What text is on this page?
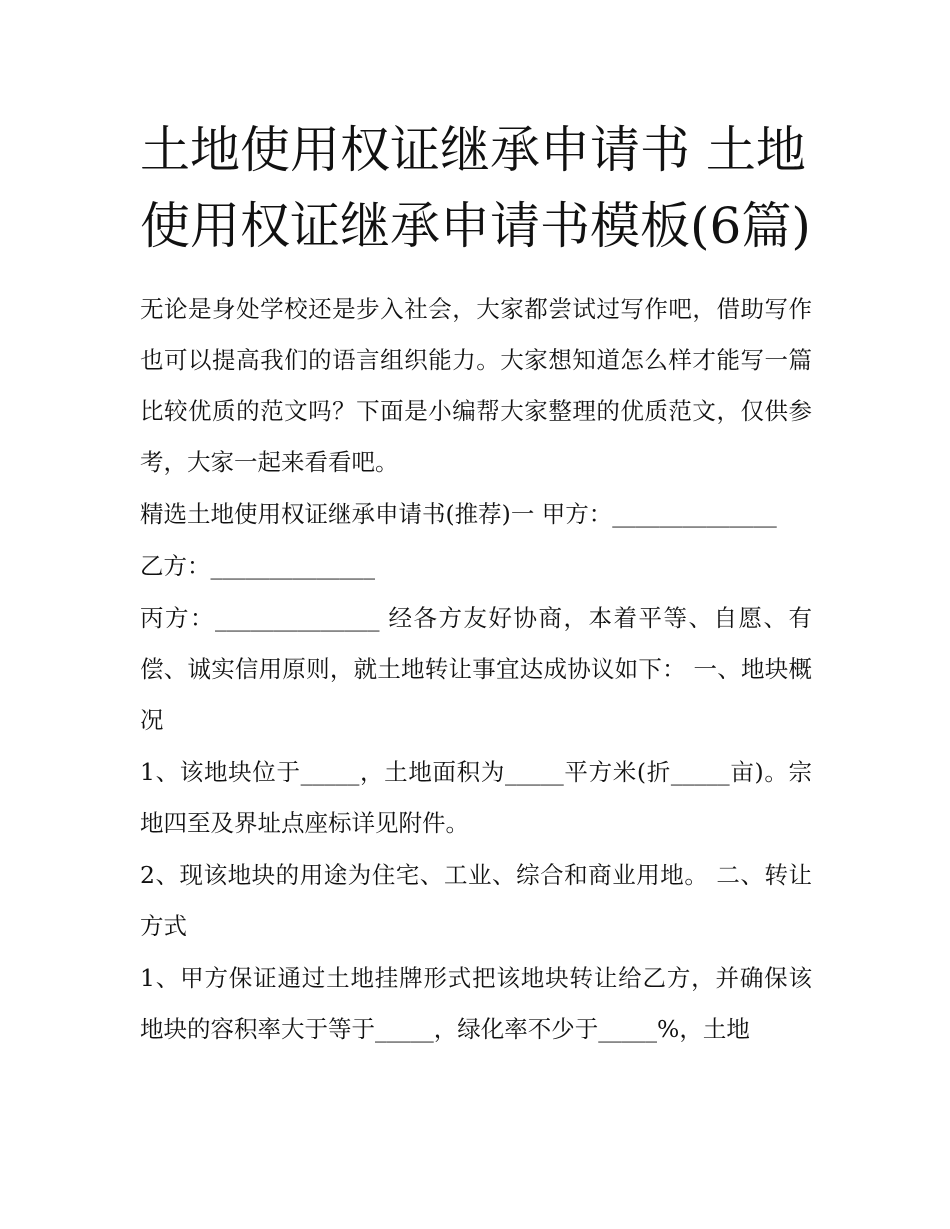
土地使用权证继承申请书 土地使用权证继承申请书模板(6篇)

无论是身处学校还是步入社会，大家都尝试过写作吧，借助写作也可以提高我们的语言组织能力。大家想知道怎么样才能写一篇比较优质的范文吗？下面是小编帮大家整理的优质范文，仅供参考，大家一起来看看吧。

精选土地使用权证继承申请书(推荐)一 甲方：______________

乙方：______________

丙方：______________ 经各方友好协商，本着平等、自愿、有偿、诚实信用原则，就土地转让事宜达成协议如下： 一、地块概况

1、该地块位于_____，土地面积为_____平方米(折_____亩)。宗地四至及界址点座标详见附件。

2、现该地块的用途为住宅、工业、综合和商业用地。 二、转让方式

1、甲方保证通过土地挂牌形式把该地块转让给乙方，并确保该地块的容积率大于等于_____，绿化率不少于_____%，土地
